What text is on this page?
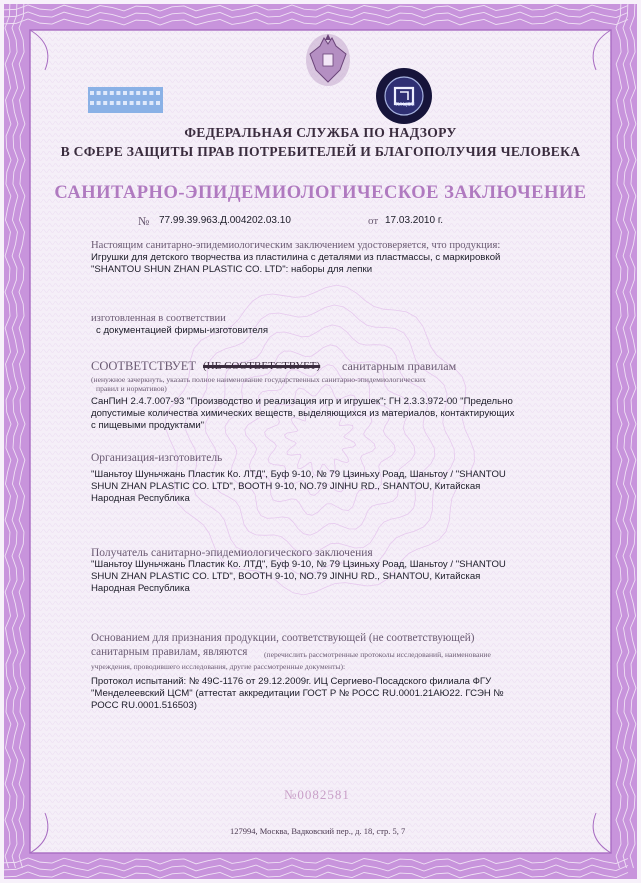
ФЕДЕРАЛЬНАЯ СЛУЖБА ПО НАДЗОРУ
В СФЕРЕ ЗАЩИТЫ ПРАВ ПОТРЕБИТЕЛЕЙ И БЛАГОПОЛУЧИЯ ЧЕЛОВЕКА
САНИТАРНО-ЭПИДЕМИОЛОГИЧЕСКОЕ ЗАКЛЮЧЕНИЕ
ГИ ЦСМ
№ 77.99.39.963.Д.004202.03.10	от 17.03.2010 г.
Настоящим санитарно-эпидемиологическим заключением удостоверяется, что продукция:
Игрушки для детского творчества из пластилина с деталями из пластмассы, с маркировкой
"SHANTOU SHUN ZHAN PLASTIC CO. LTD": наборы для лепки
изготовленная в соответствии
с документацией фирмы-изготовителя
СООТВЕТСТВУЕТ (НЕ СООТВЕТСТВУЕТ) санитарным правилам
(ненужное зачеркнуть, указать полное наименование государственных санитарно-эпидемиологических
правил и нормативов)
СанПиН 2.4.7.007-93 "Производство и реализация игр и игрушек"; ГН 2.3.3.972-00 "Предельно
допустимые количества химических веществ, выделяющихся из материалов, контактирующих
с пищевыми продуктами"
Организация-изготовитель
"Шаньтоу Шуньчжань Пластик Ко. ЛТД", Буф 9-10, № 79 Цзиньху Роад, Шаньтоу / "SHANTOU
SHUN ZHAN PLASTIC CO. LTD", BOOTH 9-10, NO.79 JINHU RD., SHANTOU, Китайская
Народная Республика
Получатель санитарно-эпидемиологического заключения
"Шаньтоу Шуньчжань Пластик Ко. ЛТД", Буф 9-10, № 79 Цзиньху Роад, Шаньтоу / "SHANTOU
SHUN ZHAN PLASTIC CO. LTD", BOOTH 9-10, NO.79 JINHU RD., SHANTOU, Китайская
Народная Республика
Основанием для признания продукции, соответствующей (не соответствующей)
санитарным правилам, являются (перечислить рассмотренные протоколы исследований, наименование
учреждения, проводившего исследования, другие рассмотренные документы):
Протокол испытаний: № 49С-1176 от 29.12.2009г. ИЦ Сергиево-Посадского филиала ФГУ
"Менделеевский ЦСМ" (аттестат аккредитации ГОСТ Р № РОСС RU.0001.21АЮ22. ГСЭН №
РОСС RU.0001.516503)
№0082581
127994, Москва, Вадковский пер., д. 18, стр. 5, 7
